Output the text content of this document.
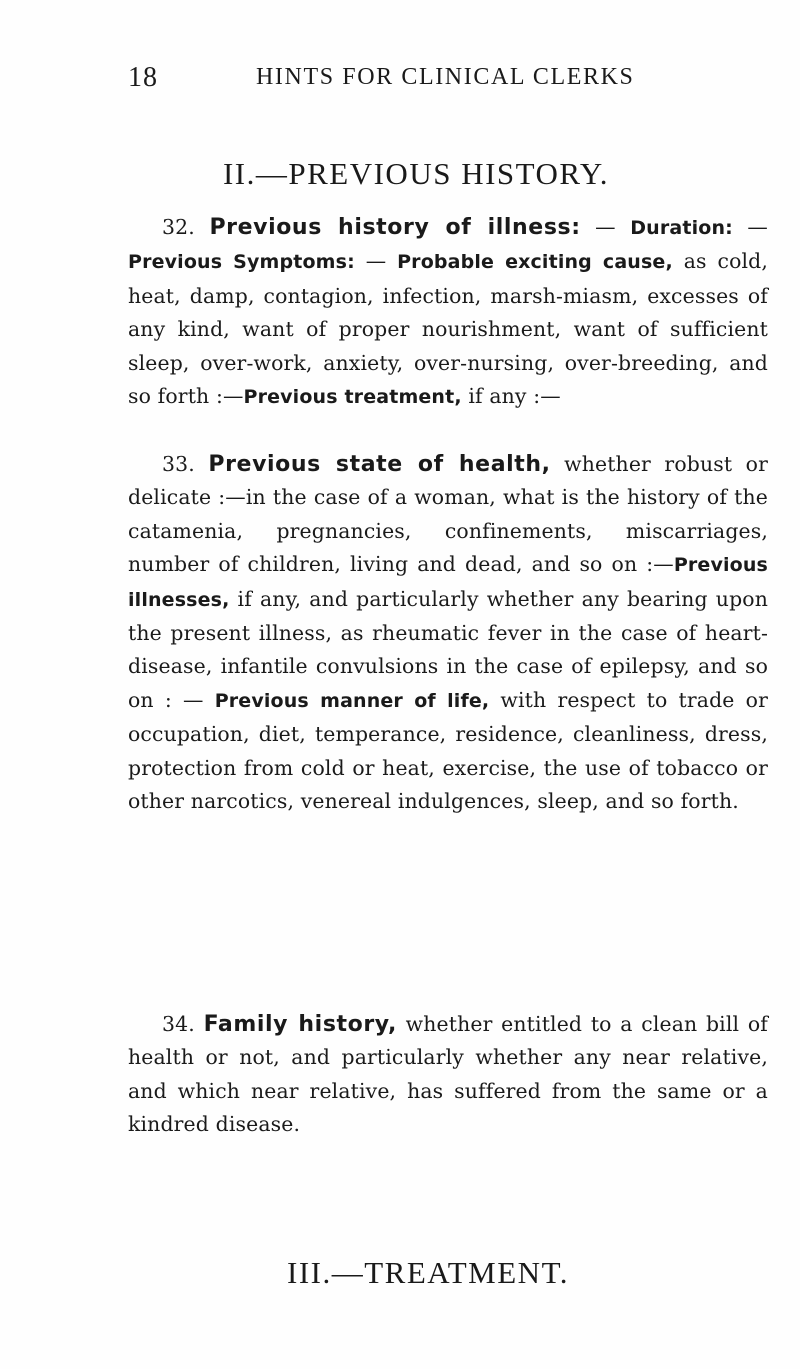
18	HINTS FOR CLINICAL CLERKS
II.—PREVIOUS HISTORY.

32. Previous history of illness: — Duration: — Previous Symptoms: — Probable exciting cause, as cold, heat, damp, contagion, infection, marsh-miasm, excesses of any kind, want of proper nourishment, want of sufficient sleep, over-work, anxiety, over-nursing, over-breeding, and so forth :—Previous treatment, if any :—

33. Previous state of health, whether robust or delicate :—in the case of a woman, what is the history of the catamenia, pregnancies, confinements, miscarriages, number of children, living and dead, and so on :—Previous illnesses, if any, and particularly whether any bearing upon the present illness, as rheumatic fever in the case of heart-disease, infantile convulsions in the case of epilepsy, and so on : — Previous manner of life, with respect to trade or occupation, diet, temperance, residence, cleanliness, dress, protection from cold or heat, exercise, the use of tobacco or other narcotics, venereal indulgences, sleep, and so forth.

34. Family history, whether entitled to a clean bill of health or not, and particularly whether any near relative, and which near relative, has suffered from the same or a kindred disease.

III.—TREATMENT.
